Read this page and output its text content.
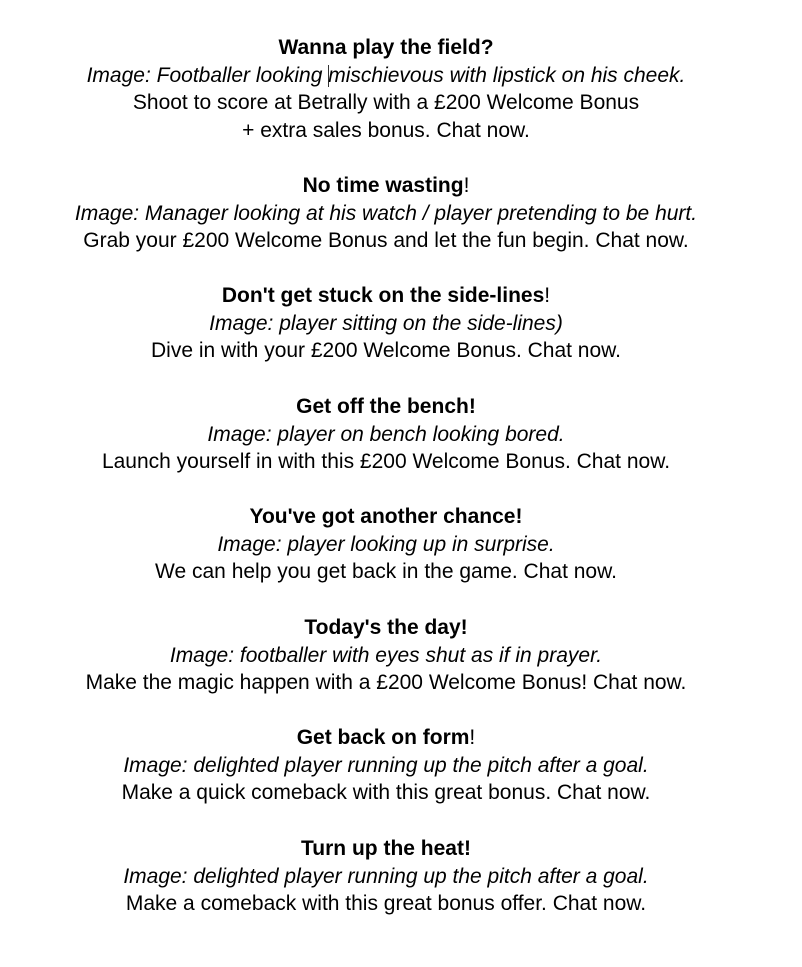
Wanna play the field?
Image: Footballer looking mischievous with lipstick on his cheek.
Shoot to score at Betrally with a £200 Welcome Bonus
+ extra sales bonus. Chat now.
No time wasting!
Image: Manager looking at his watch / player pretending to be hurt.
Grab your £200 Welcome Bonus and let the fun begin. Chat now.
Don't get stuck on the side-lines!
Image: player sitting on the side-lines)
Dive in with your £200 Welcome Bonus. Chat now.
Get off the bench!
Image: player on bench looking bored.
Launch yourself in with this £200 Welcome Bonus. Chat now.
You've got another chance!
Image: player looking up in surprise.
We can help you get back in the game. Chat now.
Today's the day!
Image: footballer with eyes shut as if in prayer.
Make the magic happen with a £200 Welcome Bonus! Chat now.
Get back on form!
Image: delighted player running up the pitch after a goal.
Make a quick comeback with this great bonus. Chat now.
Turn up the heat!
Image: delighted player running up the pitch after a goal.
Make a comeback with this great bonus offer. Chat now.
